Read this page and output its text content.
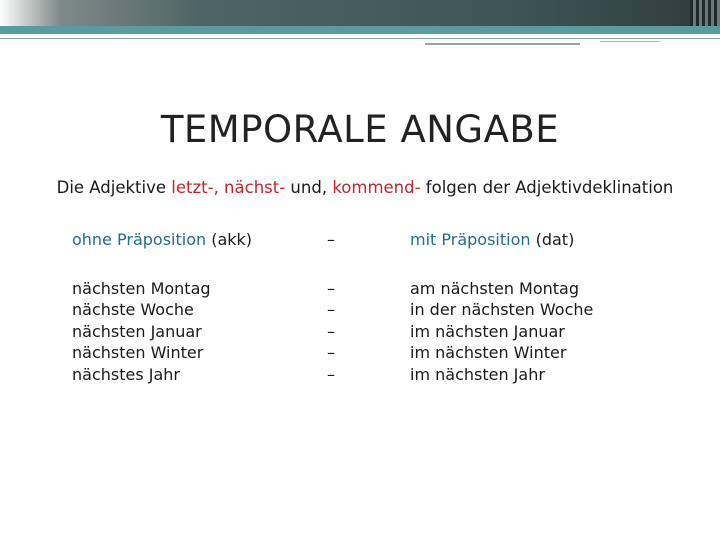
TEMPORALE ANGABE
Die Adjektive letzt-, nächst- und, kommend- folgen der Adjektivdeklination
ohne Präposition (akk)
nächsten Montag
nächste Woche
nächsten Januar
nächsten Winter
nächstes Jahr
–
–
–
–
–
–
mit Präposition (dat)
am nächsten Montag
in der nächsten Woche
im nächsten Januar
im nächsten Winter
im nächsten Jahr
